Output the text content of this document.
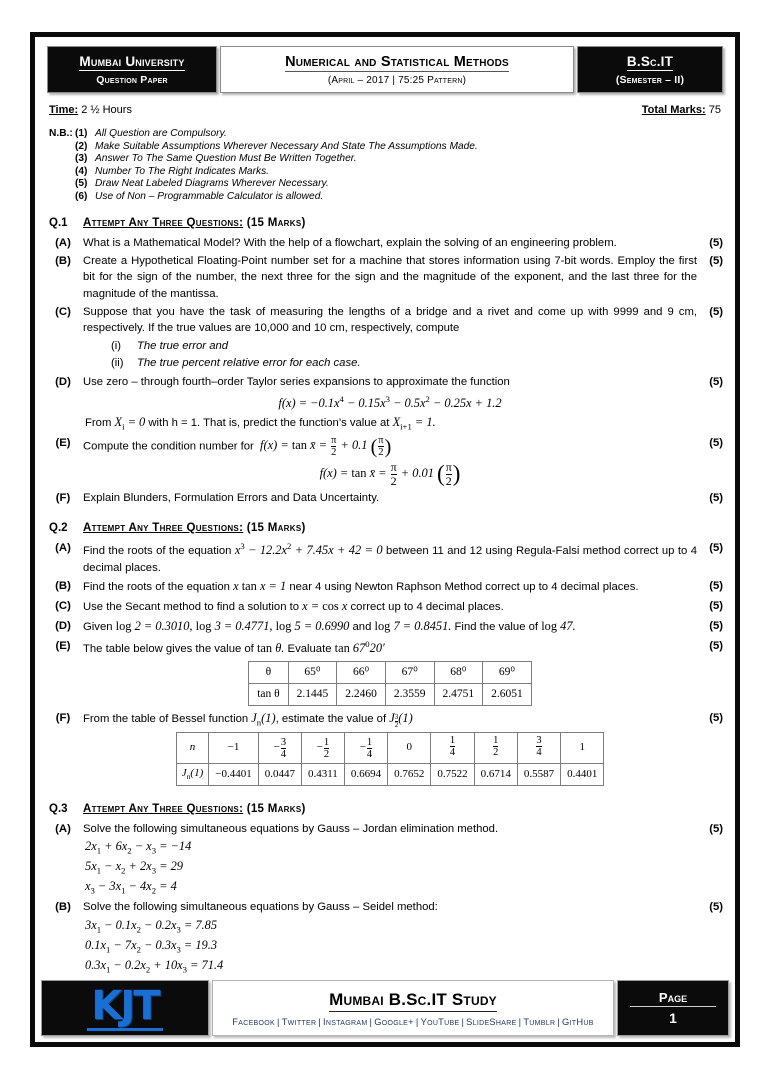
Mumbai University
Question Paper
Numerical and Statistical Methods
(April – 2017 | 75:25 Pattern)
B.Sc.IT
(Semester – II)
Time: 2 ½ Hours	Total Marks: 75
N.B.: (1) All Question are Compulsory.
(2) Make Suitable Assumptions Wherever Necessary And State The Assumptions Made.
(3) Answer To The Same Question Must Be Written Together.
(4) Number To The Right Indicates Marks.
(5) Draw Neat Labeled Diagrams Wherever Necessary.
(6) Use of Non – Programmable Calculator is allowed.
Q.1	Attempt Any Three Questions: (15 Marks)
(A)	What is a Mathematical Model? With the help of a flowchart, explain the solving of an engineering problem.	(5)
(B)	Create a Hypothetical Floating-Point number set for a machine that stores information using 7-bit words. Employ the first bit for the sign of the number, the next three for the sign and the magnitude of the exponent, and the last three for the magnitude of the mantissa.
(5)
(C)	Suppose that you have the task of measuring the lengths of a bridge and a rivet and come up with 9999 and 9 cm, respectively. If the true values are 10,000 and 10 cm, respectively, compute
(i)	The true error and
(ii)	The true percent relative error for each case.
(5)
(D)	Use zero – through fourth–order Taylor series expansions to approximate the function
$f(x) = -0.1x^4 - 0.15x^3 - 0.5x^2 - 0.25x + 1.2$
From $X_i = 0$ with h = 1. That is, predict the function’s value at $X_{i+1} = 1$.
(5)
(E)	Compute the condition number for  f(x) = tan x̄ = $\frac{\pi}{2} + 0.1$ ( $\frac{\pi}{2}$ )
f(x) = tan x̄ = $\frac{\pi}{2} + 0.01$ ( $\frac{\pi}{2}$ )
(5)
(F)	Explain Blunders, Formulation Errors and Data Uncertainty.	(5)
Q.2	Attempt Any Three Questions: (15 Marks)
(A)	Find the roots of the equation $x^3 - 12.2x^2 + 7.45x + 42 = 0$ between 11 and 12 using Regula-Falsi method correct up to 4 decimal places.
(5)
(B)	Find the roots of the equation x tan x = 1 near 4 using Newton Raphson Method correct up to 4 decimal places.	(5)
(C)	Use the Secant method to find a solution to x = cos x correct up to 4 decimal places.	(5)
(D)	Given log 2 = 0.3010, log 3 = 0.4771, log 5 = 0.6990 and log 7 = 0.8451. Find the value of log 47.	(5)
(E)	The table below gives the value of tan θ. Evaluate $\tan 67^020'$
θ	65⁰	66⁰	67⁰	68⁰	69⁰
tan θ	2.1445	2.2460	2.3559	2.4751	2.6051
(5)
(F)	From the table of Bessel function $J_n(1)$, estimate the value of J $_{\frac{3}{2}}$ (1)
n	−1	− $\frac{3}{4}$	− $\frac{1}{2}$	− $\frac{1}{4}$	0	$\frac{1}{4}$	$\frac{1}{2}$	$\frac{3}{4}$	1
$J_n(1)$	−0.4401	0.0447	0.4311	0.6694	0.7652	0.7522	0.6714	0.5587	0.4401
(5)
Q.3	Attempt Any Three Questions: (15 Marks)
(A)	Solve the following simultaneous equations by Gauss – Jordan elimination method.
$2x_1 + 6x_2 - x_3 = -14$
$5x_1 - x_2 + 2x_3 = 29$
$x_3 - 3x_1 - 4x_2 = 4$
(5)
(B)	Solve the following simultaneous equations by Gauss – Seidel method:
$3x_1 - 0.1x_2 - 0.2x_3 = 7.85$
$0.1x_1 - 7x_2 - 0.3x_3 = 19.3$
$0.3x_1 - 0.2x_2 + 10x_3 = 71.4$
(5)
KJT	Mumbai B.Sc.IT Study
Facebook | Twitter | Instagram | Google+ | YouTube | SlideShare | Tumblr | GitHub
Page
1
